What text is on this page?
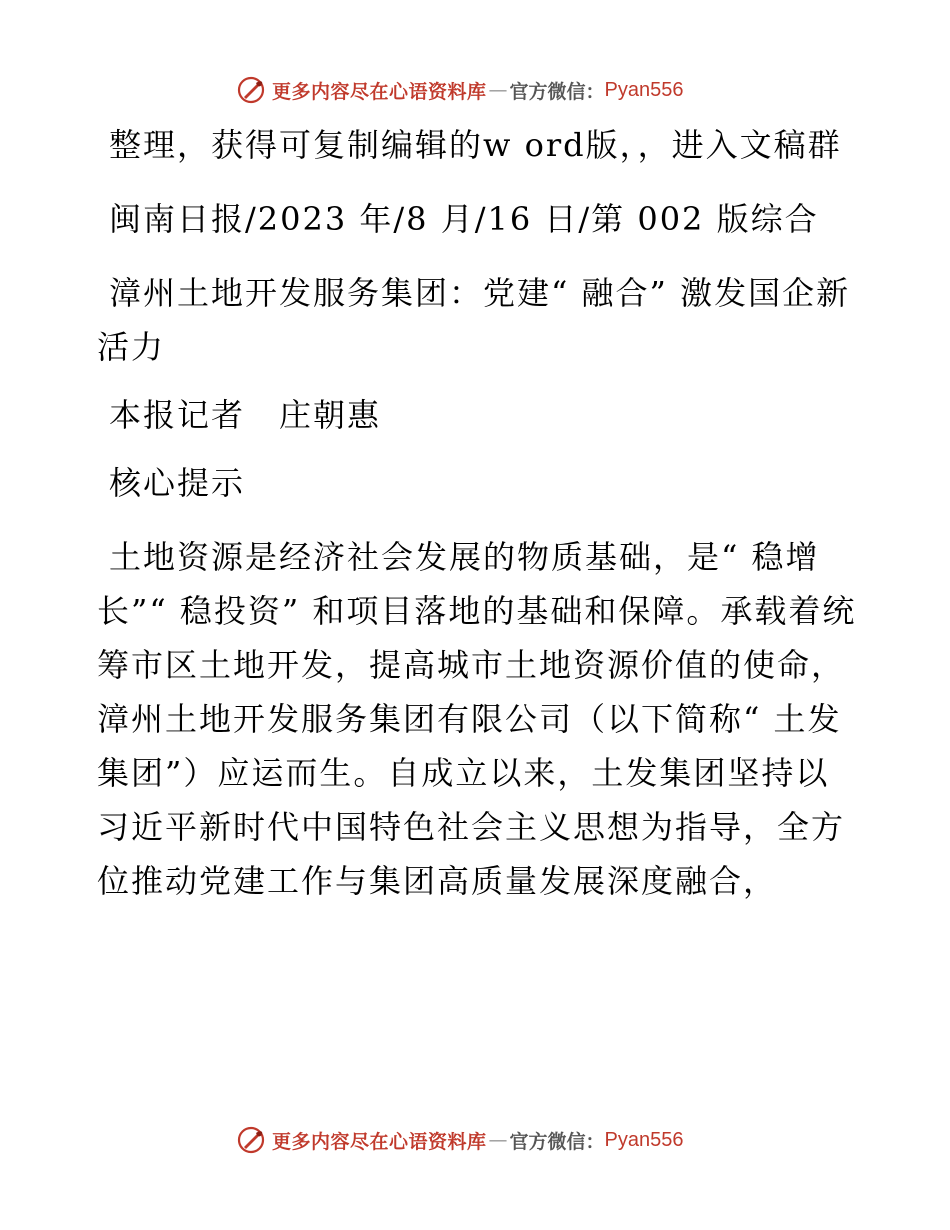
更多内容尽在心语资料库 — 官方微信： Pyan556

整理，获得可复制编辑的w ord版，，进入文稿群

闽南日报/2023 年/8 月/16 日/第 002 版综合

漳州土地开发服务集团：党建“ 融合” 激发国企新活力

本报记者　庄朝惠

核心提示

土地资源是经济社会发展的物质基础，是“ 稳增长”“ 稳投资” 和项目落地的基础和保障。承载着统筹市区土地开发，提高城市土地资源价值的使命，漳州土地开发服务集团有限公司（以下简称“ 土发集团”）应运而生。自成立以来，土发集团坚持以习近平新时代中国特色社会主义思想为指导，全方位推动党建工作与集团高质量发展深度融合，

更多内容尽在心语资料库 — 官方微信： Pyan556
